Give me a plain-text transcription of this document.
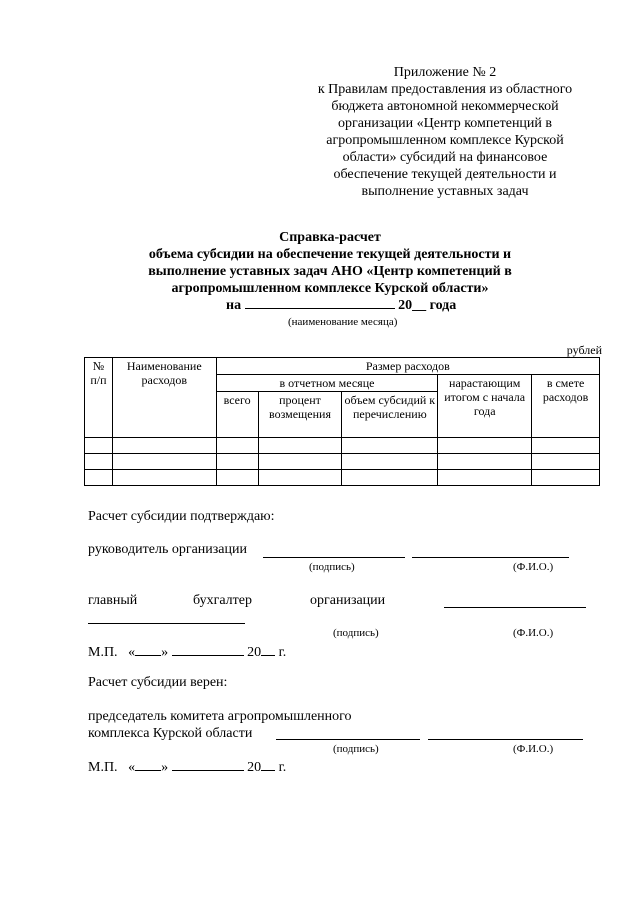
Приложение № 2
к Правилам предоставления из областного
бюджета автономной некоммерческой
организации «Центр компетенций в
агропромышленном комплексе Курской
области» субсидий на финансовое
обеспечение текущей деятельности и
выполнение уставных задач
Справка-расчет
объема субсидии на обеспечение текущей деятельности и
выполнение уставных задач АНО «Центр компетенций в
агропромышленном комплексе Курской области»
на	20__ года
(наименование месяца)
рублей
№ п/п	Наименование расходов	Размер расходов				
		в отчетном месяце			нарастающим итогом с начала года	в смете расходов
		всего	процент возмещения	объем субсидий к перечислению		

Расчет субсидии подтверждаю:
руководитель организации
(подпись)	(Ф.И.О.)
главный	бухгалтер	организации
(подпись)	(Ф.И.О.)
М.П. « »	20 г.
Расчет субсидии верен:
председатель комитета агропромышленного
комплекса Курской области
(подпись)	(Ф.И.О.)
М.П. « »	20 г.
